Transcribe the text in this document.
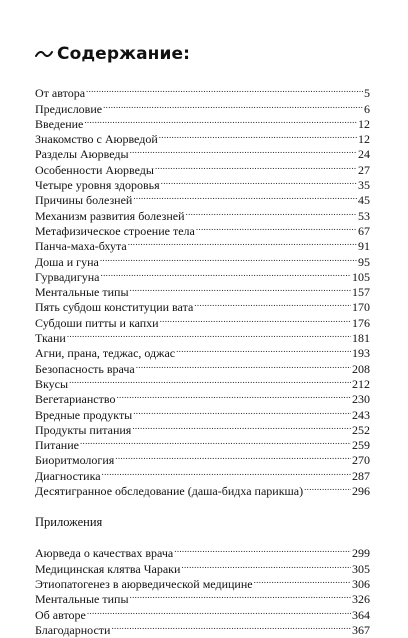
Содержание:
От автора .....	5
Предисловие .....	6
Введение .....	12
Знакомство с Аюрведой .....	12
Разделы Аюрведы .....	24
Особенности Аюрведы .....	27
Четыре уровня здоровья .....	35
Причины болезней .....	45
Механизм развития болезней .....	53
Метафизическое строение тела .....	67
Панча-маха-бхута .....	91
Доша и гуна .....	95
Гурвадигуна .....	105
Ментальные типы .....	157
Пять субдош конституции вата .....	170
Субдоши питты и капхи .....	176
Ткани .....	181
Агни, прана, теджас, оджас .....	193
Безопасность врача .....	208
Вкусы .....	212
Вегетарианство .....	230
Вредные продукты .....	243
Продукты питания .....	252
Питание .....	259
Биоритмология .....	270
Диагностика .....	287
Десятигранное обследование (даша-бидха парикша) .....	296
Приложения
Аюрведа о качествах врача .....	299
Медицинская клятва Чараки .....	305
Этиопатогенез в аюрведической медицине .....	306
Ментальные типы .....	326
Об авторе .....	364
Благодарности .....	367
